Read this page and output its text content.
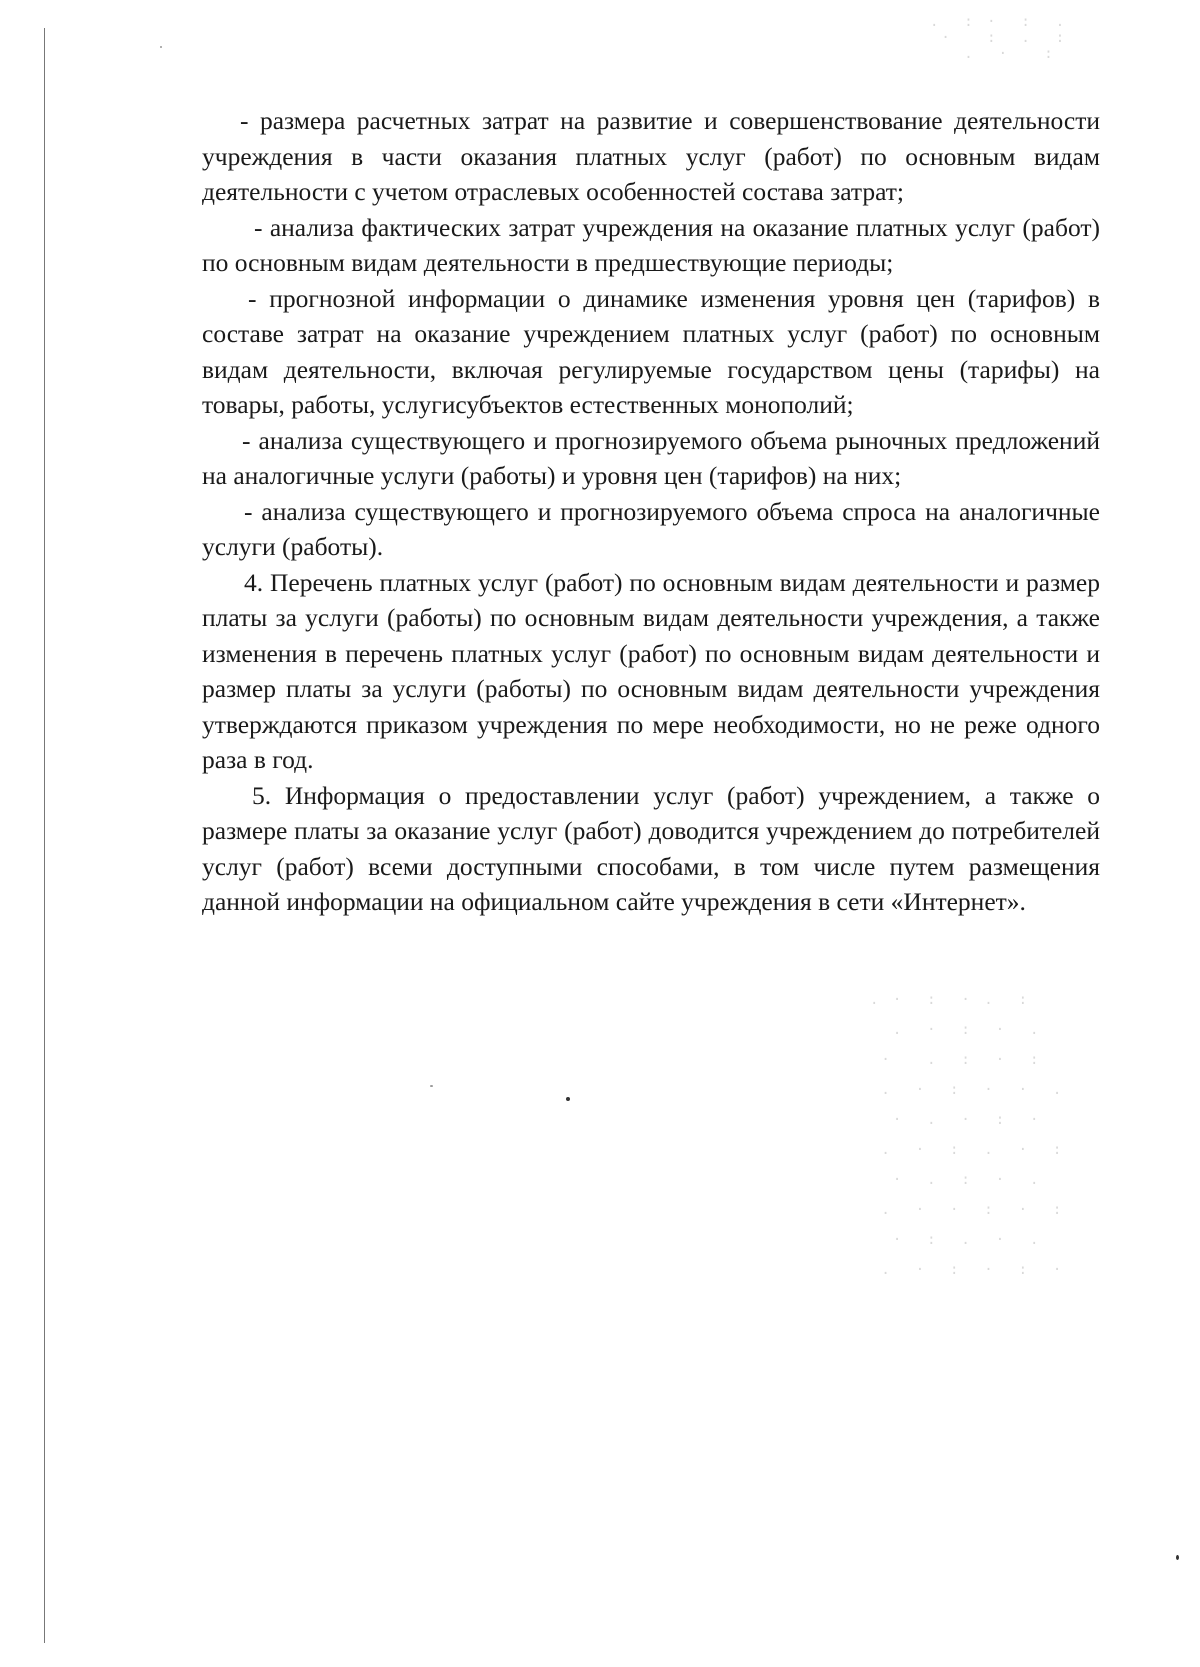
- размера расчетных затрат на развитие и совершенствование деятельности учреждения в части оказания платных услуг (работ) по основным видам деятельности с учетом отраслевых особенностей состава затрат;

- анализа фактических затрат учреждения на оказание платных услуг (работ) по основным видам деятельности в предшествующие периоды;

- прогнозной информации о динамике изменения уровня цен (тарифов) в составе затрат на оказание учреждением платных услуг (работ) по основным видам деятельности, включая регулируемые государством цены (тарифы) на товары, работы, услугисубъектов естественных монополий;

- анализа существующего и прогнозируемого объема рыночных предложений на аналогичные услуги (работы) и уровня цен (тарифов) на них;

- анализа существующего и прогнозируемого объема спроса на аналогичные услуги (работы).

4. Перечень платных услуг (работ) по основным видам деятельности и размер платы за услуги (работы) по основным видам деятельности учреждения, а также изменения в перечень платных услуг (работ) по основным видам деятельности и размер платы за услуги (работы) по основным видам деятельности учреждения утверждаются приказом учреждения по мере необходимости, но не реже одного раза в год.

5. Информация о предоставлении услуг (работ) учреждением, а также о размере платы за оказание услуг (работ) доводится учреждением до потребителей услуг (работ) всеми доступными способами, в том числе путем размещения данной информации на официальном сайте учреждения в сети «Интернет».

.  : ·  :  .
·   :  .  :
.  ·   :
. ·  :  · .  :
.  ·  :  ·  .
·   .  :  ·  :
.  ·  :  ·  ·  .
·  .  ·  :  ·
.  ·  :  .  ·  :
·  .  :  ·  .
.  ·  ·  :  ·  :
·  :  .  ·  .
.  ·  :  ·  :  ·
